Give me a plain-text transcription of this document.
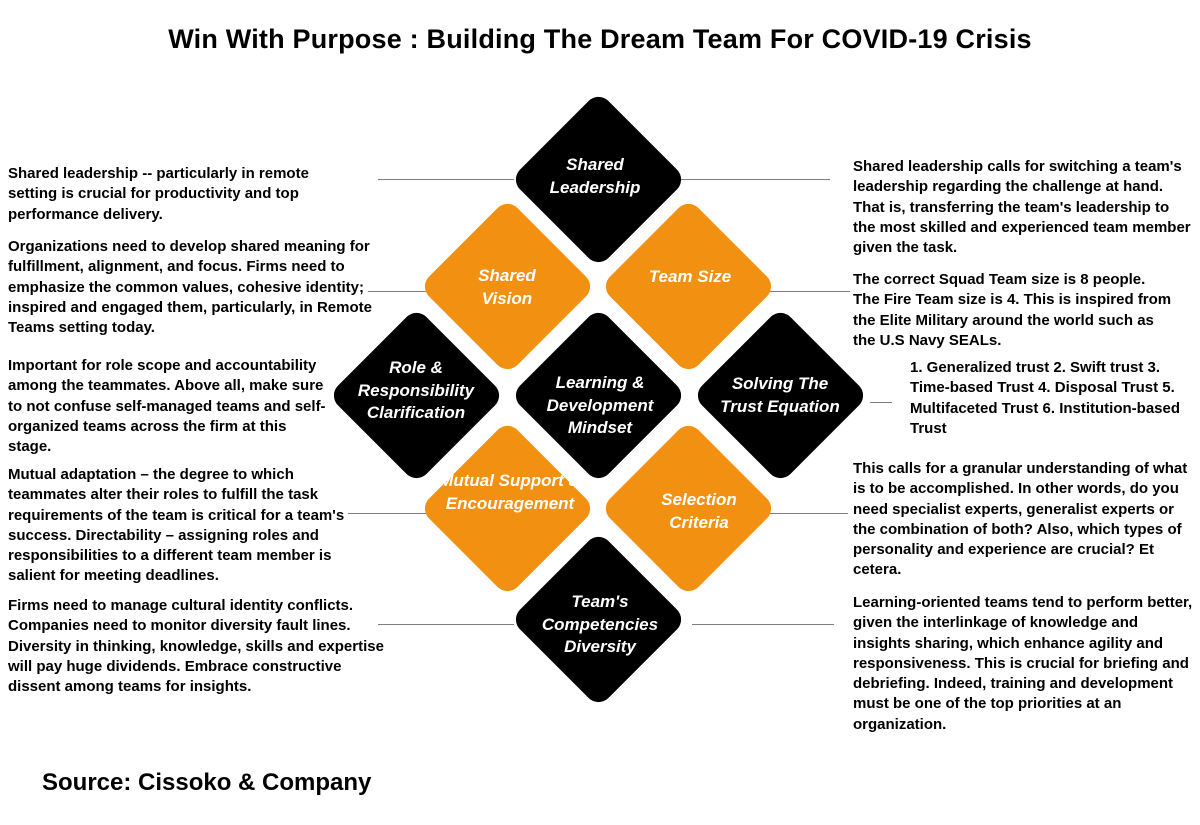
Win With Purpose : Building The Dream Team For COVID-19 Crisis
Shared Leadership
Shared Vision
Team Size
Role & Responsibility Clarification
Learning & Development Mindset
Solving The Trust Equation
Mutual Support & Encouragement	Selection Criteria
Team's Competencies Diversity

Shared leadership -- particularly in remote setting is crucial for productivity and top performance delivery.

Organizations need to develop shared meaning for fulfillment, alignment, and focus. Firms need to emphasize the common values, cohesive identity; inspired and engaged them, particularly, in Remote Teams setting today.

Important for role scope and accountability among the teammates. Above all, make sure to not confuse self-managed teams and self-organized teams across the firm at this stage.

Mutual adaptation – the degree to which teammates alter their roles to fulfill the task requirements of the team is critical for a team's success. Directability – assigning roles and responsibilities to a different team member is salient for meeting deadlines.

Firms need to manage cultural identity conflicts. Companies need to monitor diversity fault lines. Diversity in thinking, knowledge, skills and expertise will pay huge dividends. Embrace constructive dissent among teams for insights.

Shared leadership calls for switching a team's leadership regarding the challenge at hand. That is, transferring the team's leadership to the most skilled and experienced team member given the task.

The correct Squad Team size is 8 people. The Fire Team size is 4. This is inspired from the Elite Military around the world such as the U.S Navy SEALs.

1. Generalized trust 2. Swift trust 3. Time-based Trust 4. Disposal Trust 5. Multifaceted Trust 6. Institution-based Trust

This calls for a granular understanding of what is to be accomplished. In other words, do you need specialist experts, generalist experts or the combination of both? Also, which types of personality and experience are crucial? Et cetera.

Learning-oriented teams tend to perform better, given the interlinkage of knowledge and insights sharing, which enhance agility and responsiveness. This is crucial for briefing and debriefing. Indeed, training and development must be one of the top priorities at an organization.

Source: Cissoko & Company
